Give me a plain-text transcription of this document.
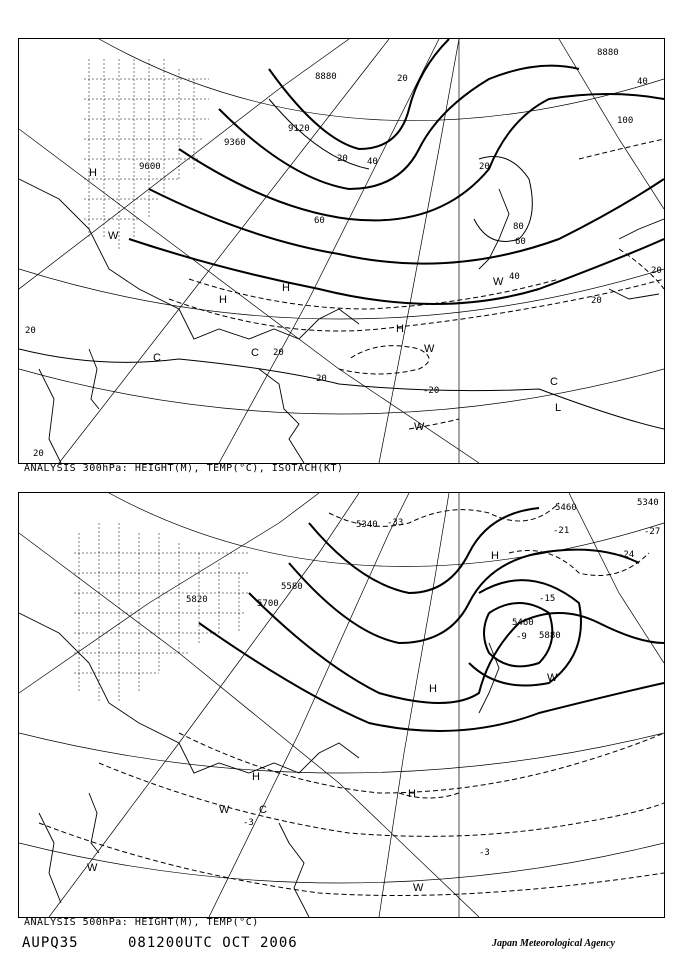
9120
9360
9600
8880
8880
20 40
60
80
100
40
60
40
20
20
20
20
20
20
20
20
-20
H
H
H
H
W
W
W
W
L
C
C
C
ANALYSIS 300hPa: HEIGHT(M), TEMP(°C), ISOTACH(KT)
5340
5340
5460
5580
5700
5820
5880
5460
-33
-27
-21
-24
-15
-9
-3
-3
H
H
H
H
W
W
W
W
C
ANALYSIS 500hPa: HEIGHT(M), TEMP(°C)
AUPQ35	081200UTC OCT 2006	Japan Meteorological Agency
